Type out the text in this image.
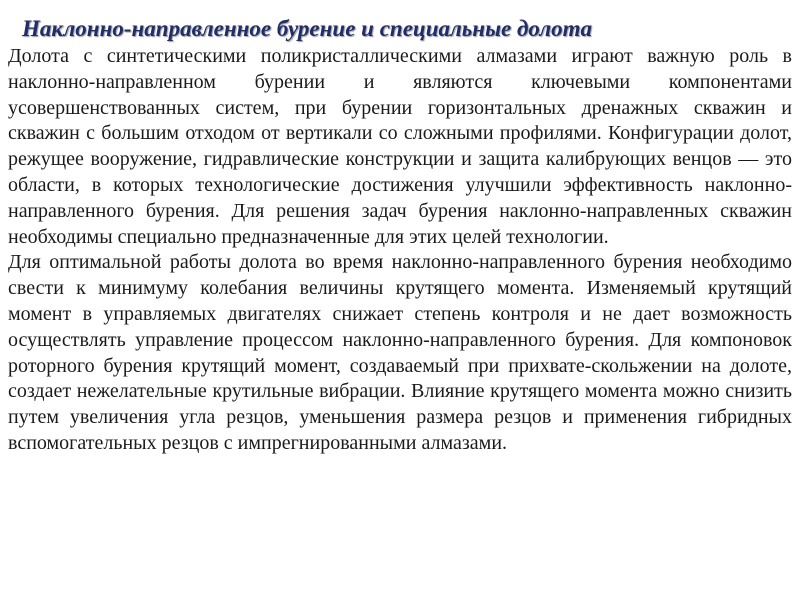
Наклонно-направленное бурение и специальные долота

Долота с синтетическими поликристаллическими алмазами играют важную роль в наклонно-направленном бурении и являются ключевыми компонентами усовершенствованных систем, при бурении горизонтальных дренажных скважин и скважин с большим отходом от вертикали со сложными профилями. Конфигурации долот, режущее вооружение, гидравлические конструкции и защита калибрующих венцов — это области, в которых технологические достижения улучшили эффективность наклонно-направленного бурения. Для решения задач бурения наклонно-направленных скважин необходимы специально предназначенные для этих целей технологии.

Для оптимальной работы долота во время наклонно-направленного бурения необходимо свести к минимуму колебания величины крутящего момента. Изменяемый крутящий момент в управляемых двигателях снижает степень контроля и не дает возможность осуществлять управление процессом наклонно-направленного бурения. Для компоновок роторного бурения крутящий момент, создаваемый при прихвате-скольжении на долоте, создает нежелательные крутильные вибрации. Влияние крутящего момента можно снизить путем увеличения угла резцов, уменьшения размера резцов и применения гибридных вспомогательных резцов с импрегнированными алмазами.
